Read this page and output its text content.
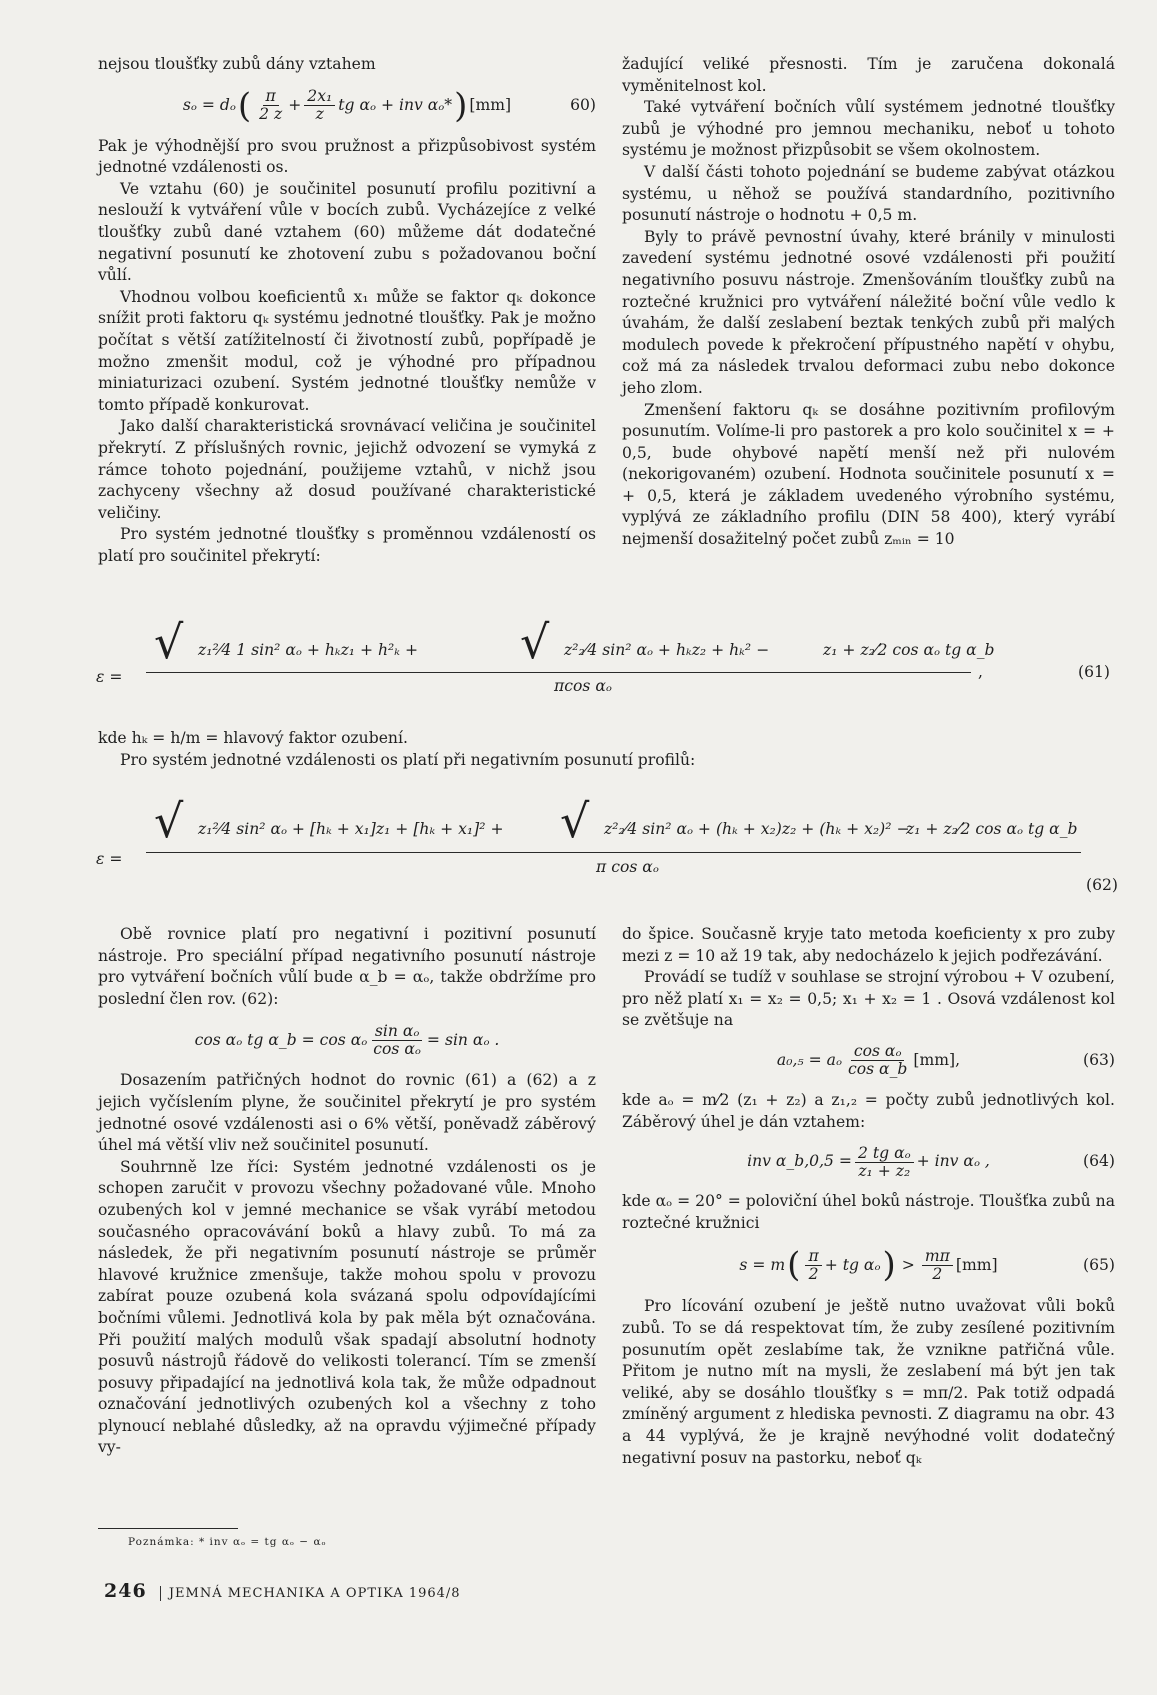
nejsou tloušťky zubů dány vztahem

sₒ = dₒ ( $\frac{\pi}{2 z} + \frac{\text{2x₁}}{z}$ tg αₒ + inv αₒ* ) [mm]	60)

Pak je výhodnější pro svou pružnost a přizpůsobivost systém jednotné vzdálenosti os.

Ve vztahu (60) je součinitel posunutí profilu pozitivní a neslouží k vytváření vůle v bocích zubů. Vycházejíce z velké tloušťky zubů dané vztahem (60) můžeme dát dodatečné negativní posunutí ke zhotovení zubu s požadovanou boční vůlí.

Vhodnou volbou koeficientů x₁ může se faktor qₖ dokonce snížit proti faktoru qₖ systému jednotné tloušťky. Pak je možno počítat s větší zatížitelností či životností zubů, popřípadě je možno zmenšit modul, což je výhodné pro případnou miniaturizaci ozubení. Systém jednotné tloušťky nemůže v tomto případě konkurovat.

Jako další charakteristická srovnávací veličina je součinitel překrytí. Z příslušných rovnic, jejichž odvození se vymyká z rámce tohoto pojednání, použijeme vztahů, v nichž jsou zachyceny všechny až dosud používané charakteristické veličiny.

Pro systém jednotné tloušťky s proměnnou vzdáleností os platí pro součinitel překrytí:

žadující veliké přesnosti. Tím je zaručena dokonalá vyměnitelnost kol.

Také vytváření bočních vůlí systémem jednotné tloušťky zubů je výhodné pro jemnou mechaniku, neboť u tohoto systému je možnost přizpůsobit se všem okolnostem.

V další části tohoto pojednání se budeme zabývat otázkou systému, u něhož se používá standardního, pozitivního posunutí nástroje o hodnotu + 0,5 m.

Byly to právě pevnostní úvahy, které bránily v minulosti zavedení systému jednotné osové vzdálenosti při použití negativního posuvu nástroje. Zmenšováním tloušťky zubů na roztečné kružnici pro vytváření náležité boční vůle vedlo k úvahám, že další zeslabení beztak tenkých zubů při malých modulech povede k překročení přípustného napětí v ohybu, což má za následek trvalou deformaci zubu nebo dokonce jeho zlom.

Zmenšení faktoru qₖ se dosáhne pozitivním profilovým posunutím. Volíme-li pro pastorek a pro kolo součinitel x = + 0,5, bude ohybové napětí menší než při nulovém (nekorigovaném) ozubení. Hodnota součinitele posunutí x = + 0,5, která je základem uvedeného výrobního systému, vyplývá ze základního profilu (DIN 58 400), který vyrábí nejmenší dosažitelný počet zubů zₘᵢₙ = 10

ε =
√ z₁²⁄4 1 sin² αₒ + hₖz₁ + h²ₖ + √ z²₂⁄4 sin² αₒ + hₖz₂ + hₖ² −	z₁ + z₂⁄2 cos αₒ tg α_b
πcos αₒ
,	(61)

kde hₖ = h/m = hlavový faktor ozubení.

Pro systém jednotné vzdálenosti os platí při negativním posunutí profilů:

ε =
√ z₁²⁄4 sin² αₒ + [hₖ + x₁]z₁ + [hₖ + x₁]² + √ z²₂⁄4 sin² αₒ + (hₖ + x₂)z₂ + (hₖ + x₂)² −
z₁ + z₂⁄2 cos αₒ tg α_b
π cos αₒ
(62)

Obě rovnice platí pro negativní i pozitivní posunutí nástroje. Pro speciální případ negativního posunutí nástroje pro vytváření bočních vůlí bude α_b = αₒ, takže obdržíme pro poslední člen rov. (62):

cos αₒ tg α_b = cos αₒ $\frac{\text{sin αₒ}}{\text{cos αₒ}} = \sin \alpha_o$ .

Dosazením patřičných hodnot do rovnic (61) a (62) a z jejich vyčíslením plyne, že součinitel překrytí je pro systém jednotné osové vzdálenosti asi o 6% větší, poněvadž záběrový úhel má větší vliv než součinitel posunutí.

Souhrnně lze říci: Systém jednotné vzdálenosti os je schopen zaručit v provozu všechny požadované vůle. Mnoho ozubených kol v jemné mechanice se však vyrábí metodou současného opracovávání boků a hlavy zubů. To má za následek, že při negativním posunutí nástroje se průměr hlavové kružnice zmenšuje, takže mohou spolu v provozu zabírat pouze ozubená kola svázaná spolu odpovídajícími bočními vůlemi. Jednotlivá kola by pak měla být označována. Při použití malých modulů však spadají absolutní hodnoty posuvů nástrojů řádově do velikosti tolerancí. Tím se zmenší posuvy připadající na jednotlivá kola tak, že může odpadnout označování jednotlivých ozubených kol a všechny z toho plynoucí neblahé důsledky, až na opravdu výjimečné případy vy-

do špice. Současně kryje tato metoda koeficienty x pro zuby mezi z = 10 až 19 tak, aby nedocházelo k jejich podřezávání.

Provádí se tudíž v souhlase se strojní výrobou + V ozubení, pro něž platí x₁ = x₂ = 0,5; x₁ + x₂ = 1 . Osová vzdálenost kol se zvětšuje na

a₀,₅ = aₒ $\frac{\text{cos αₒ}}{\text{cos α\_b}} [mm]$,	(63)

kde aₒ = m⁄2 (z₁ + z₂) a z₁,₂ = počty zubů jednotlivých kol. Záběrový úhel je dán vztahem:

inv α_b,0,5 = $\frac{\text{2 tg αₒ}}{\text{z₁ + z₂}}$ + inv αₒ ,	(64)

kde αₒ = 20° = poloviční úhel boků nástroje. Tloušťka zubů na roztečné kružnici

s = m ( $\frac{\pi}{2}$ + tg αₒ ) > $\frac{m\pi}{2} [mm]$	(65)

Pro lícování ozubení je ještě nutno uvažovat vůli boků zubů. To se dá respektovat tím, že zuby zesílené pozitivním posunutím opět zeslabíme tak, že vznikne patřičná vůle. Přitom je nutno mít na mysli, že zeslabení má být jen tak veliké, aby se dosáhlo tloušťky s = mπ/2. Pak totiž odpadá zmíněný argument z hlediska pevnosti. Z diagramu na obr. 43 a 44 vyplývá, že je krajně nevýhodné volit dodatečný negativní posuv na pastorku, neboť qₖ

Poznámka: * inv αₒ = tg αₒ − αₒ
246 JEMNÁ MECHANIKA A OPTIKA 1964/8
